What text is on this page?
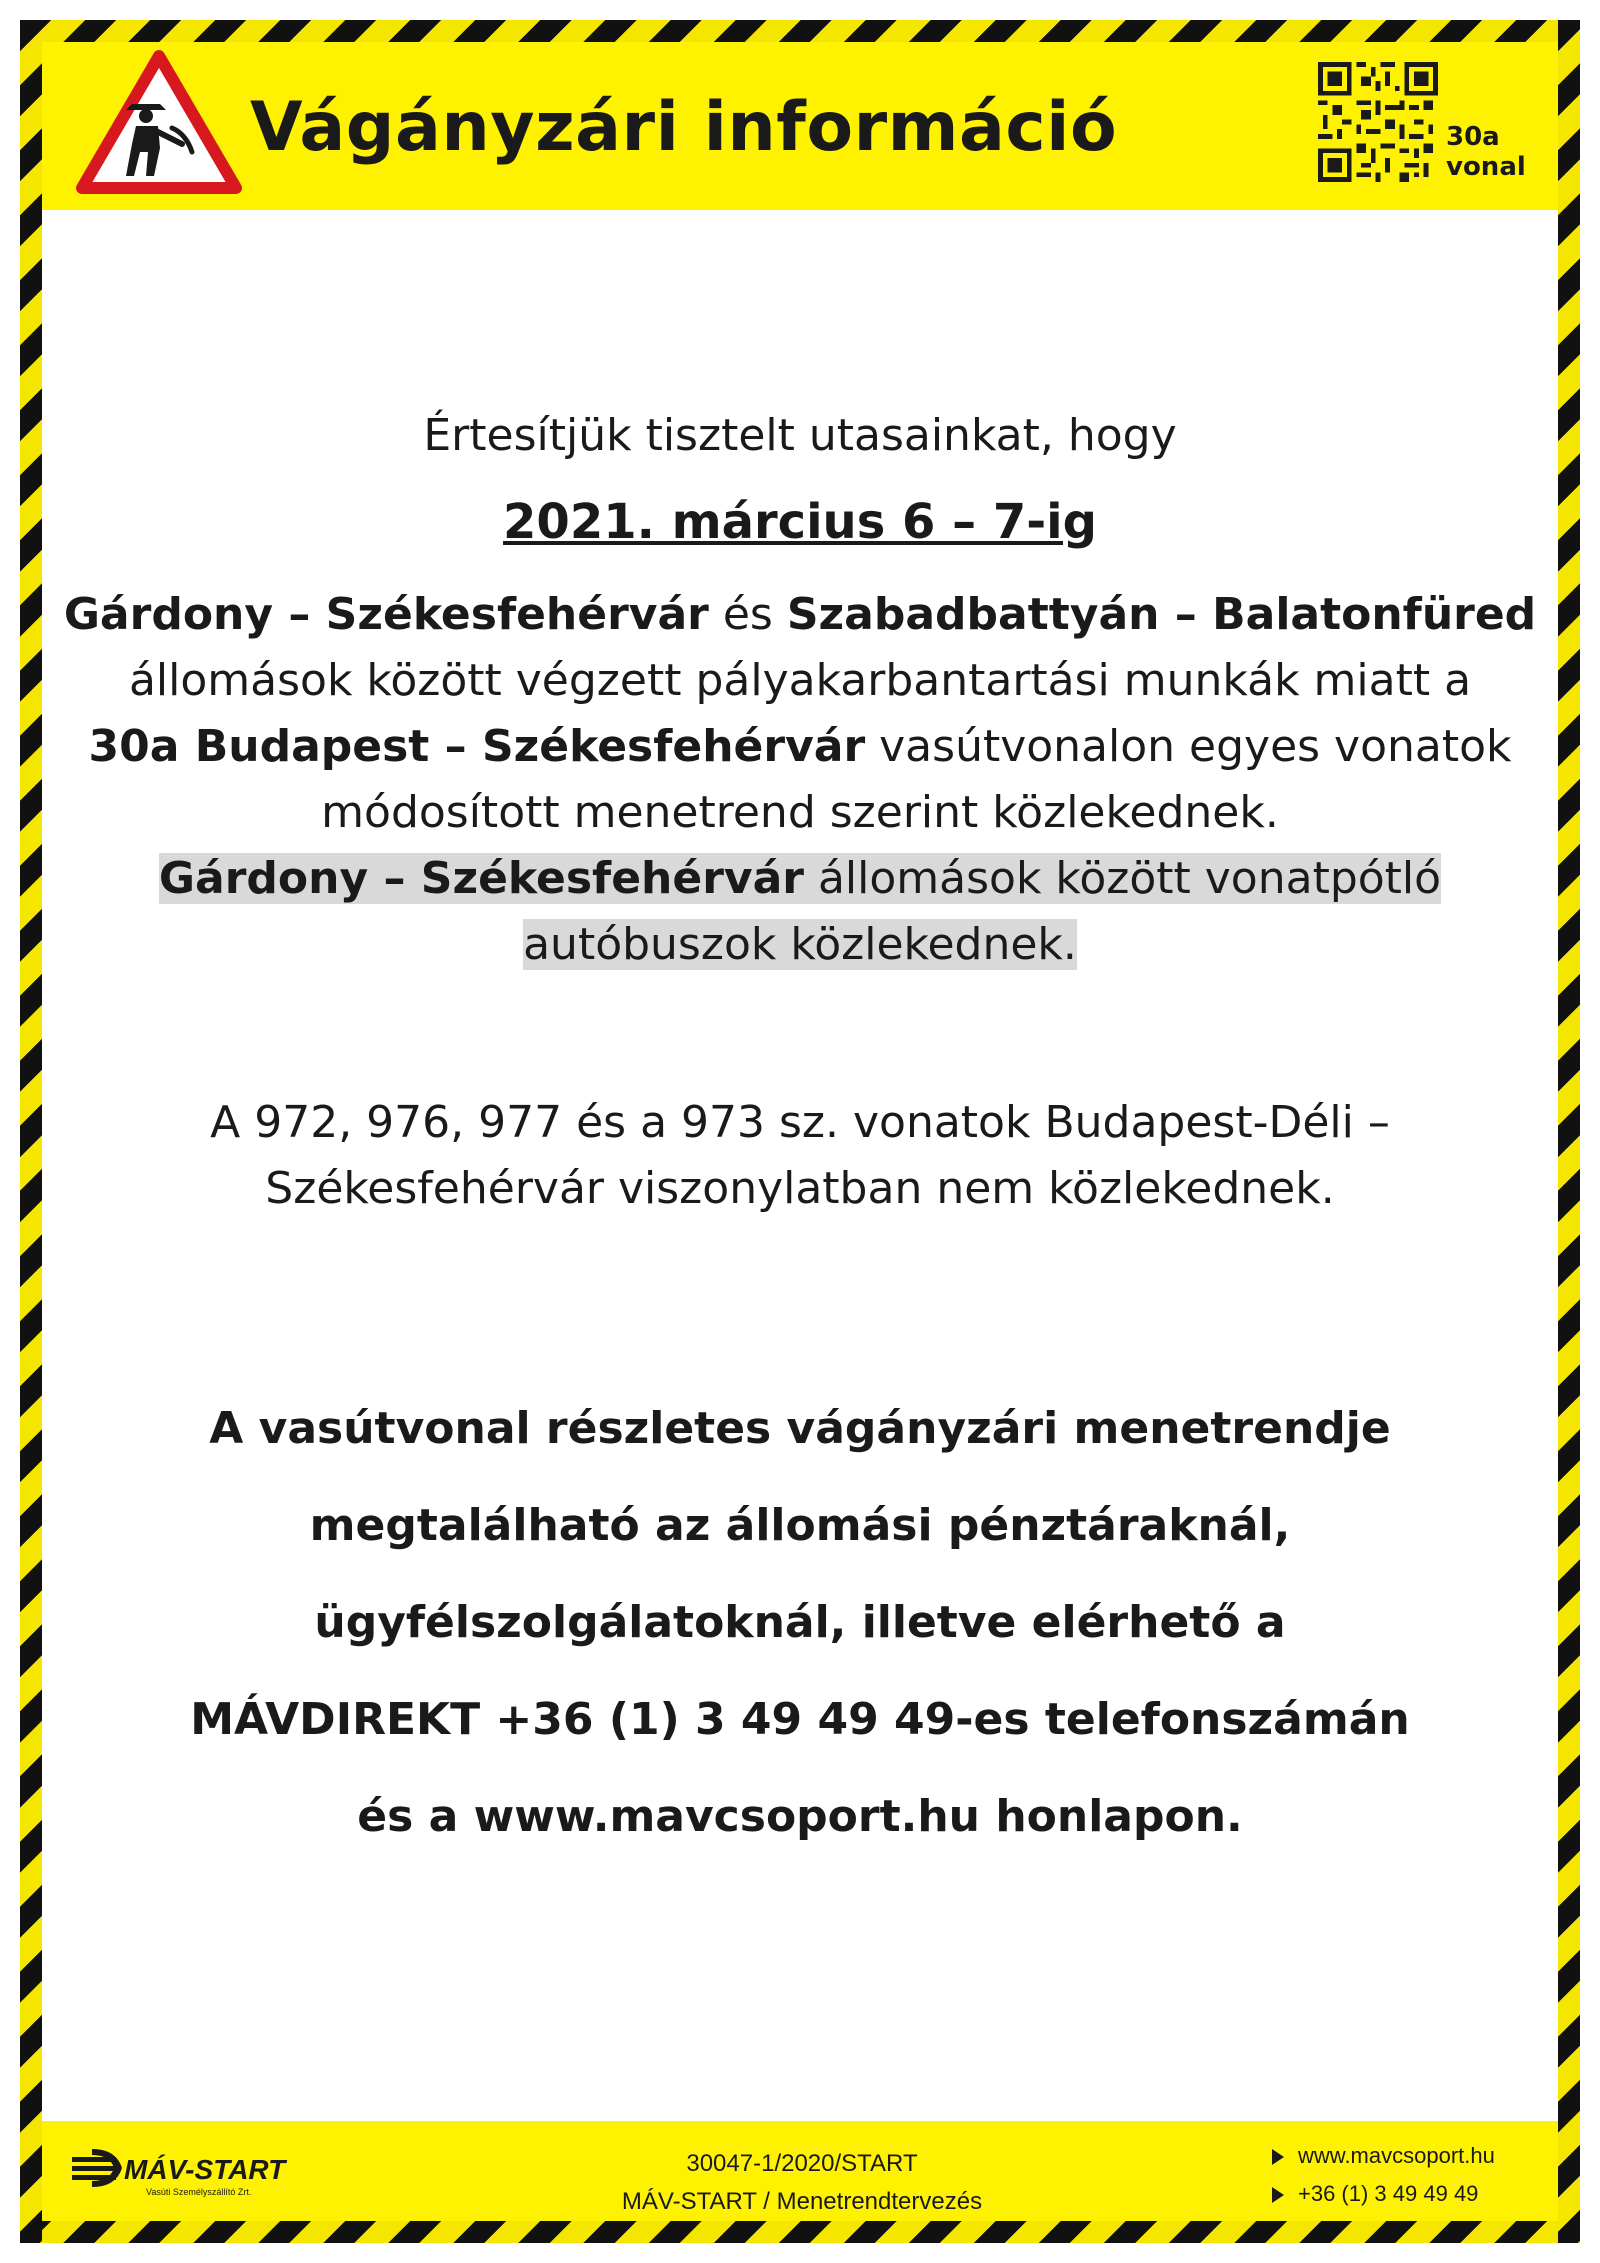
Vágányzári információ	30a
vonal
Értesítjük tisztelt utasainkat, hogy
2021. március 6 – 7-ig
Gárdony – Székesfehérvár és Szabadbattyán – Balatonfüred
állomások között végzett pályakarbantartási munkák miatt a
30a Budapest – Székesfehérvár vasútvonalon egyes vonatok
módosított menetrend szerint közlekednek.
Gárdony – Székesfehérvár állomások között vonatpótló
autóbuszok közlekednek.
A 972, 976, 977 és a 973 sz. vonatok Budapest-Déli –
Székesfehérvár viszonylatban nem közlekednek.
A vasútvonal részletes vágányzári menetrendje
megtalálható az állomási pénztáraknál,
ügyfélszolgálatoknál, illetve elérhető a
MÁVDIREKT +36 (1) 3 49 49 49-es telefonszámán
és a www.mavcsoport.hu honlapon.
MÁV-START
Vasúti Személyszállító Zrt.
30047-1/2020/START
MÁV-START / Menetrendtervezés
www.mavcsoport.hu
+36 (1) 3 49 49 49
